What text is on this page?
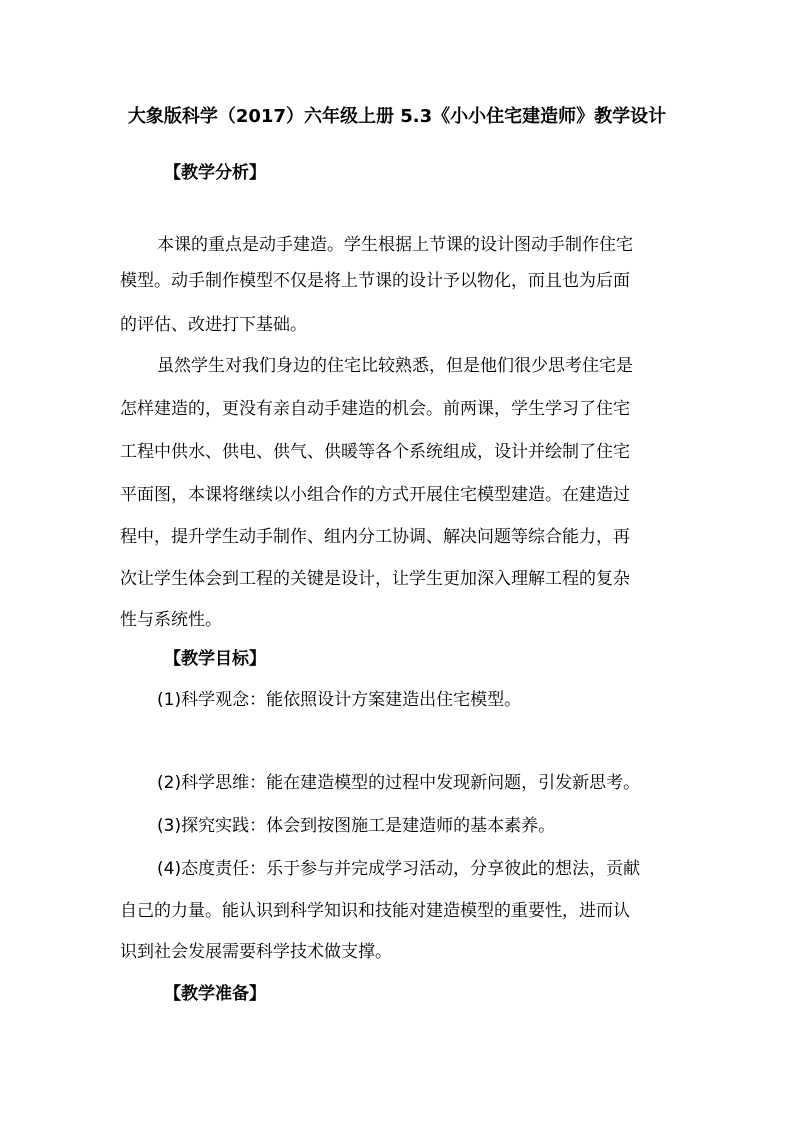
大象版科学（2017）六年级上册 5.3《小小住宅建造师》教学设计
【教学分析】
本课的重点是动手建造。学生根据上节课的设计图动手制作住宅
模型。动手制作模型不仅是将上节课的设计予以物化，而且也为后面
的评估、改进打下基础。
虽然学生对我们身边的住宅比较熟悉，但是他们很少思考住宅是
怎样建造的，更没有亲自动手建造的机会。前两课，学生学习了住宅
工程中供水、供电、供气、供暖等各个系统组成，设计并绘制了住宅
平面图，本课将继续以小组合作的方式开展住宅模型建造。在建造过
程中，提升学生动手制作、组内分工协调、解决问题等综合能力，再
次让学生体会到工程的关键是设计，让学生更加深入理解工程的复杂
性与系统性。
【教学目标】
(1)科学观念：能依照设计方案建造出住宅模型。
(2)科学思维：能在建造模型的过程中发现新问题，引发新思考。
(3)探究实践：体会到按图施工是建造师的基本素养。
(4)态度责任：乐于参与并完成学习活动，分享彼此的想法，贡献
自己的力量。能认识到科学知识和技能对建造模型的重要性，进而认
识到社会发展需要科学技术做支撑。
【教学准备】
